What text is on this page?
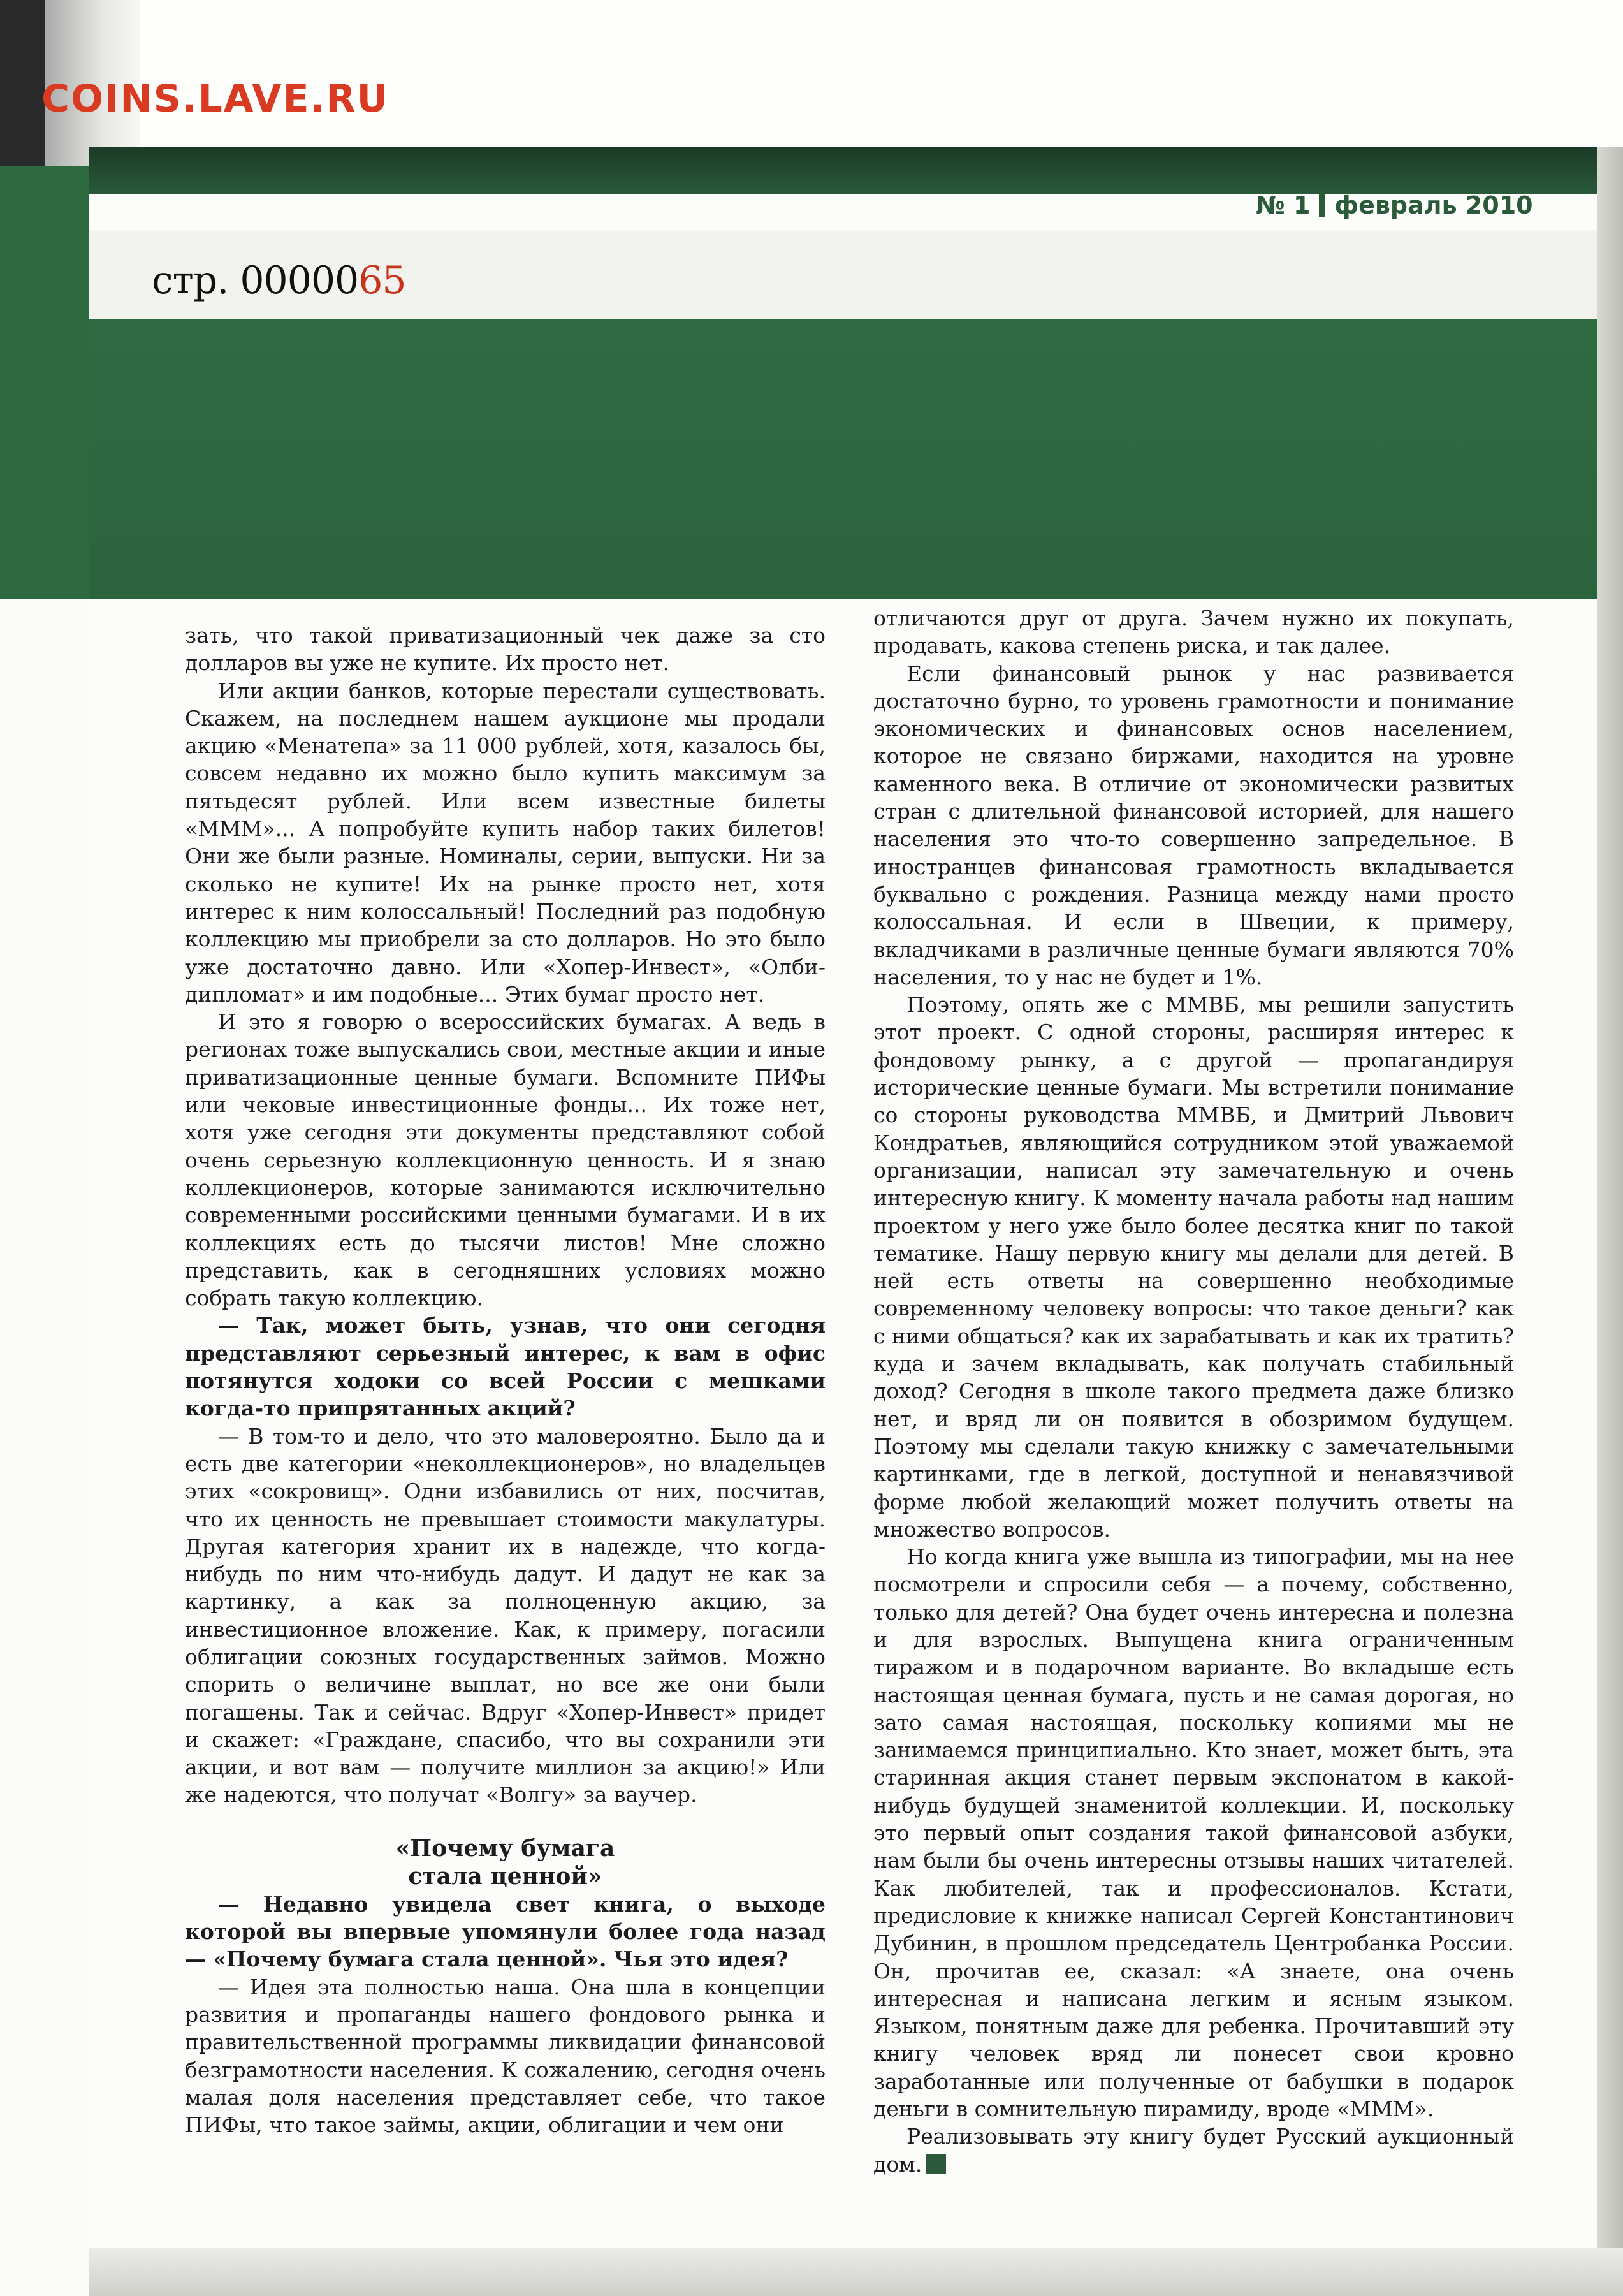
№ 1 февраль 2010
стр. 0000065

зать, что такой приватизационный чек даже за сто долларов вы уже не купите. Их просто нет.

Или акции банков, которые перестали существовать. Скажем, на последнем нашем аукционе мы продали акцию «Менатепа» за 11 000 рублей, хотя, казалось бы, совсем недавно их можно было купить максимум за пятьдесят рублей. Или всем известные билеты «МММ»... А попробуйте купить набор таких билетов! Они же были разные. Номиналы, серии, выпуски. Ни за сколько не купите! Их на рынке просто нет, хотя интерес к ним колоссальный! Последний раз подобную коллекцию мы приобрели за сто долларов. Но это было уже достаточно давно. Или «Хопер-Инвест», «Олби-дипломат» и им подобные... Этих бумаг просто нет.

И это я говорю о всероссийских бумагах. А ведь в регионах тоже выпускались свои, местные акции и иные приватизационные ценные бумаги. Вспомните ПИФы или чековые инвестиционные фонды... Их тоже нет, хотя уже сегодня эти документы представляют собой очень серьезную коллекционную ценность. И я знаю коллекционеров, которые занимаются исключительно современными российскими ценными бумагами. И в их коллекциях есть до тысячи листов! Мне сложно представить, как в сегодняшних условиях можно собрать такую коллекцию.

— Так, может быть, узнав, что они сегодня представляют серьезный интерес, к вам в офис потянутся ходоки со всей России с мешками когда-то припрятанных акций?

— В том-то и дело, что это маловероятно. Было да и есть две категории «неколлекционеров», но владельцев этих «сокровищ». Одни избавились от них, посчитав, что их ценность не превышает стоимости макулатуры. Другая категория хранит их в надежде, что когда-нибудь по ним что-нибудь дадут. И дадут не как за картинку, а как за полноценную акцию, за инвестиционное вложение. Как, к примеру, погасили облигации союзных государственных займов. Можно спорить о величине выплат, но все же они были погашены. Так и сейчас. Вдруг «Хопер-Инвест» придет и скажет: «Граждане, спасибо, что вы сохранили эти акции, и вот вам — получите миллион за акцию!» Или же надеются, что получат «Волгу» за ваучер.

«Почему бумага
стала ценной»

— Недавно увидела свет книга, о выходе которой вы впервые упомянули более года назад — «Почему бумага стала ценной». Чья это идея?

— Идея эта полностью наша. Она шла в концепции развития и пропаганды нашего фондового рынка и правительственной программы ликвидации финансовой безграмотности населения. К сожалению, сегодня очень малая доля населения представляет себе, что такое ПИФы, что такое займы, акции, облигации и чем они

отличаются друг от друга. Зачем нужно их покупать, продавать, какова степень риска, и так далее.

Если финансовый рынок у нас развивается достаточно бурно, то уровень грамотности и понимание экономических и финансовых основ населением, которое не связано биржами, находится на уровне каменного века. В отличие от экономически развитых стран с длительной финансовой историей, для нашего населения это что-то совершенно запредельное. В иностранцев финансовая грамотность вкладывается буквально с рождения. Разница между нами просто колоссальная. И если в Швеции, к примеру, вкладчиками в различные ценные бумаги являются 70% населения, то у нас не будет и 1%.

Поэтому, опять же с ММВБ, мы решили запустить этот проект. С одной стороны, расширяя интерес к фондовому рынку, а с другой — пропагандируя исторические ценные бумаги. Мы встретили понимание со стороны руководства ММВБ, и Дмитрий Львович Кондратьев, являющийся сотрудником этой уважаемой организации, написал эту замечательную и очень интересную книгу. К моменту начала работы над нашим проектом у него уже было более десятка книг по такой тематике. Нашу первую книгу мы делали для детей. В ней есть ответы на совершенно необходимые современному человеку вопросы: что такое деньги? как с ними общаться? как их зарабатывать и как их тратить? куда и зачем вкладывать, как получать стабильный доход? Сегодня в школе такого предмета даже близко нет, и вряд ли он появится в обозримом будущем. Поэтому мы сделали такую книжку с замечательными картинками, где в легкой, доступной и ненавязчивой форме любой желающий может получить ответы на множество вопросов.

Но когда книга уже вышла из типографии, мы на нее посмотрели и спросили себя — а почему, собственно, только для детей? Она будет очень интересна и полезна и для взрослых. Выпущена книга ограниченным тиражом и в подарочном варианте. Во вкладыше есть настоящая ценная бумага, пусть и не самая дорогая, но зато самая настоящая, поскольку копиями мы не занимаемся принципиально. Кто знает, может быть, эта старинная акция станет первым экспонатом в какой-нибудь будущей знаменитой коллекции. И, поскольку это первый опыт создания такой финансовой азбуки, нам были бы очень интересны отзывы наших читателей. Как любителей, так и профессионалов. Кстати, предисловие к книжке написал Сергей Константинович Дубинин, в прошлом председатель Центробанка России. Он, прочитав ее, сказал: «А знаете, она очень интересная и написана легким и ясным языком. Языком, понятным даже для ребенка. Прочитавший эту книгу человек вряд ли понесет свои кровно заработанные или полученные от бабушки в подарок деньги в сомнительную пирамиду, вроде «МММ».

Реализовывать эту книгу будет Русский аукционный дом.

COINS.LAVE.RU
